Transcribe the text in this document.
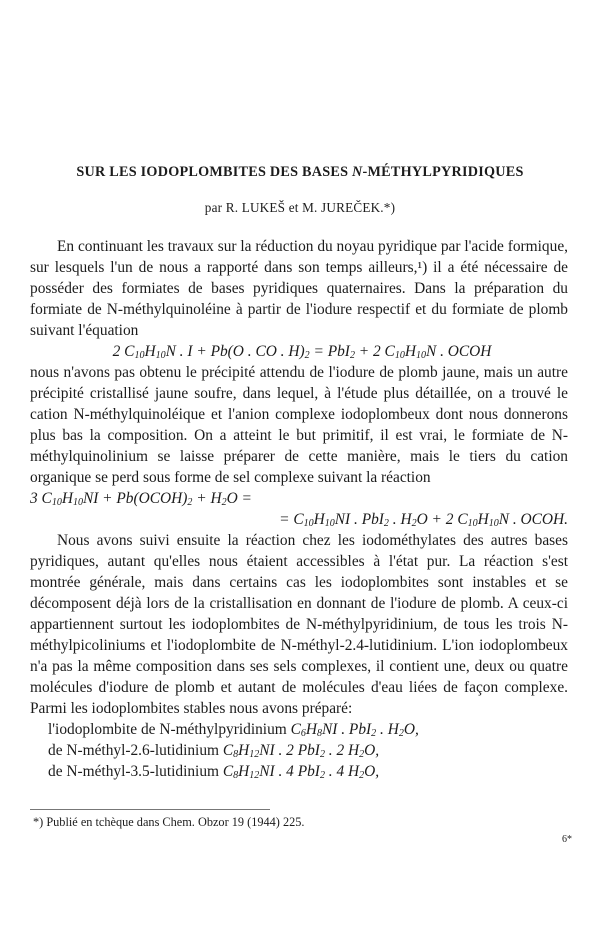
SUR LES IODOPLOMBITES DES BASES N-MÉTHYLPYRIDIQUES
par R. LUKEŠ et M. JUREČEK.*)

En continuant les travaux sur la réduction du noyau pyridique par l'acide formique, sur lesquels l'un de nous a rapporté dans son temps ailleurs,¹) il a été nécessaire de posséder des formiates de bases pyridiques quaternaires. Dans la préparation du formiate de N-méthylquinoléine à partir de l'iodure respectif et du formiate de plomb suivant l'équation

2 $C_{10}H_{10}N$ . I + Pb(O . CO . $H)_2 = PbI_2 + 2$ $C_{10}H_{10}N$ . OCOH

nous n'avons pas obtenu le précipité attendu de l'iodure de plomb jaune, mais un autre précipité cristallisé jaune soufre, dans lequel, à l'étude plus détaillée, on a trouvé le cation N-méthylquinoléique et l'anion complexe iodoplombeux dont nous donnerons plus bas la composition. On a atteint le but primitif, il est vrai, le formiate de N-méthylquinolinium se laisse préparer de cette manière, mais le tiers du cation organique se perd sous forme de sel complexe suivant la réaction

3 $C_{10}H_{10}NI$ + $Pb(OCOH)_2 + H_2O$ =

= $C_{10}H_{10}NI$ . PbI$_2$ . $H_2O + 2$ $C_{10}H_{10}N$ . OCOH.

Nous avons suivi ensuite la réaction chez les iodométhylates des autres bases pyridiques, autant qu'elles nous étaient accessibles à l'état pur. La réaction s'est montrée générale, mais dans certains cas les iodoplombites sont instables et se décomposent déjà lors de la cristallisation en donnant de l'iodure de plomb. A ceux-ci appartiennent surtout les iodoplombites de N-méthylpyridinium, de tous les trois N-méthylpicoliniums et l'iodoplombite de N-méthyl-2.4-lutidinium. L'ion iodoplombeux n'a pas la même composition dans ses sels complexes, il contient une, deux ou quatre molécules d'iodure de plomb et autant de molécules d'eau liées de façon complexe. Parmi les iodoplombites stables nous avons préparé:

l'iodoplombite de N-méthylpyridinium $C_6H_8NI$ . PbI$_2$ . $H_2O$,

de N-méthyl-2.6-lutidinium $C_8H_{12}NI$ . 2 PbI$_2$ . 2 $H_2O$,

de N-méthyl-3.5-lutidinium $C_8H_{12}NI$ . 4 PbI$_2$ . 4 $H_2O$,

*) Publié en tchèque dans Chem. Obzor 19 (1944) 225.
6*
